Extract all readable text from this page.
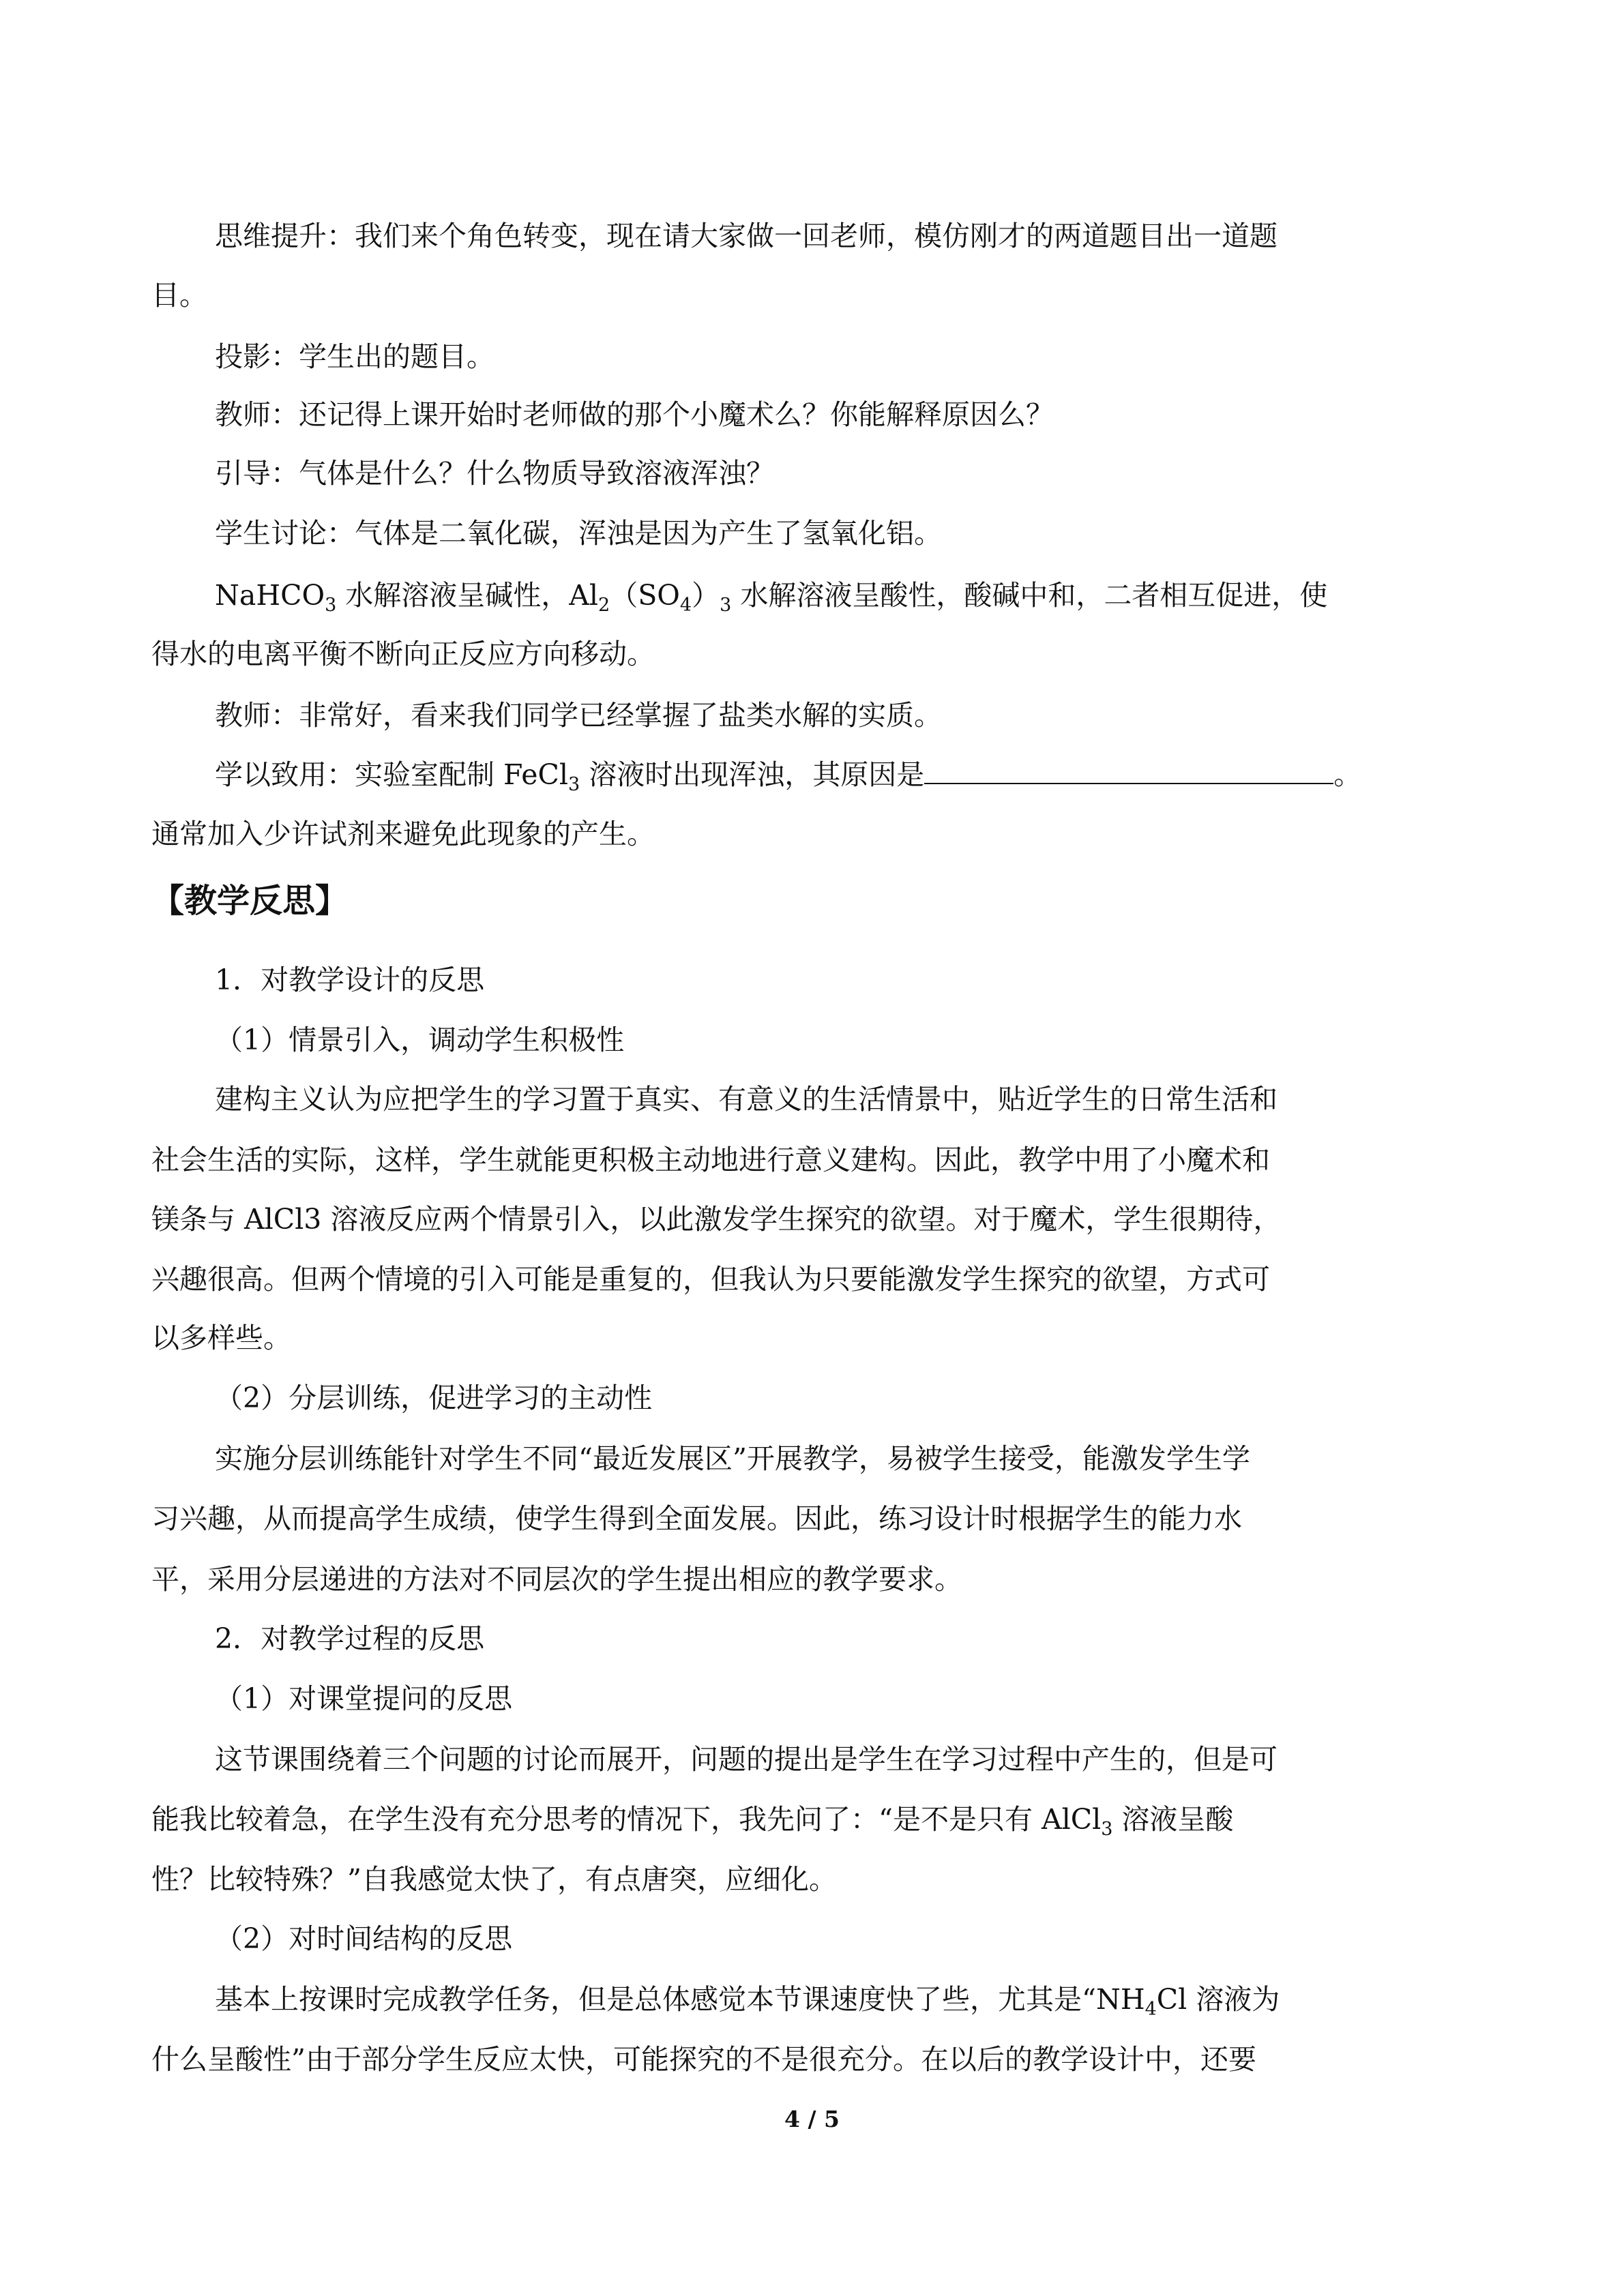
思维提升：我们来个角色转变，现在请大家做一回老师，模仿刚才的两道题目出一道题
目。
投影：学生出的题目。
教师：还记得上课开始时老师做的那个小魔术么？你能解释原因么？
引导：气体是什么？什么物质导致溶液浑浊？
学生讨论：气体是二氧化碳，浑浊是因为产生了氢氧化铝。
NaHCO$_3$ 水解溶液呈碱性，$Al_2(SO_4)_3$ 水解溶液呈酸性，酸碱中和，二者相互促进，使
得水的电离平衡不断向正反应方向移动。
教师：非常好，看来我们同学已经掌握了盐类水解的实质。
学以致用：实验室配制 FeCl$_3$ 溶液时出现浑浊，其原因是	。
通常加入少许试剂来避免此现象的产生。
【教学反思】
1．对教学设计的反思
（1）情景引入，调动学生积极性
建构主义认为应把学生的学习置于真实、有意义的生活情景中，贴近学生的日常生活和
社会生活的实际，这样，学生就能更积极主动地进行意义建构。因此，教学中用了小魔术和
镁条与 AlCl3 溶液反应两个情景引入，以此激发学生探究的欲望。对于魔术，学生很期待，
兴趣很高。但两个情境的引入可能是重复的，但我认为只要能激发学生探究的欲望，方式可
以多样些。
（2）分层训练，促进学习的主动性
实施分层训练能针对学生不同“最近发展区”开展教学，易被学生接受，能激发学生学
习兴趣，从而提高学生成绩，使学生得到全面发展。因此，练习设计时根据学生的能力水
平，采用分层递进的方法对不同层次的学生提出相应的教学要求。
2．对教学过程的反思
（1）对课堂提问的反思
这节课围绕着三个问题的讨论而展开，问题的提出是学生在学习过程中产生的，但是可
能我比较着急，在学生没有充分思考的情况下，我先问了：“是不是只有 AlCl$_3$ 溶液呈酸
性？比较特殊？”自我感觉太快了，有点唐突，应细化。
（2）对时间结构的反思
基本上按课时完成教学任务，但是总体感觉本节课速度快了些，尤其是“$NH_4Cl$ 溶液为
什么呈酸性”由于部分学生反应太快，可能探究的不是很充分。在以后的教学设计中，还要
4 / 5
